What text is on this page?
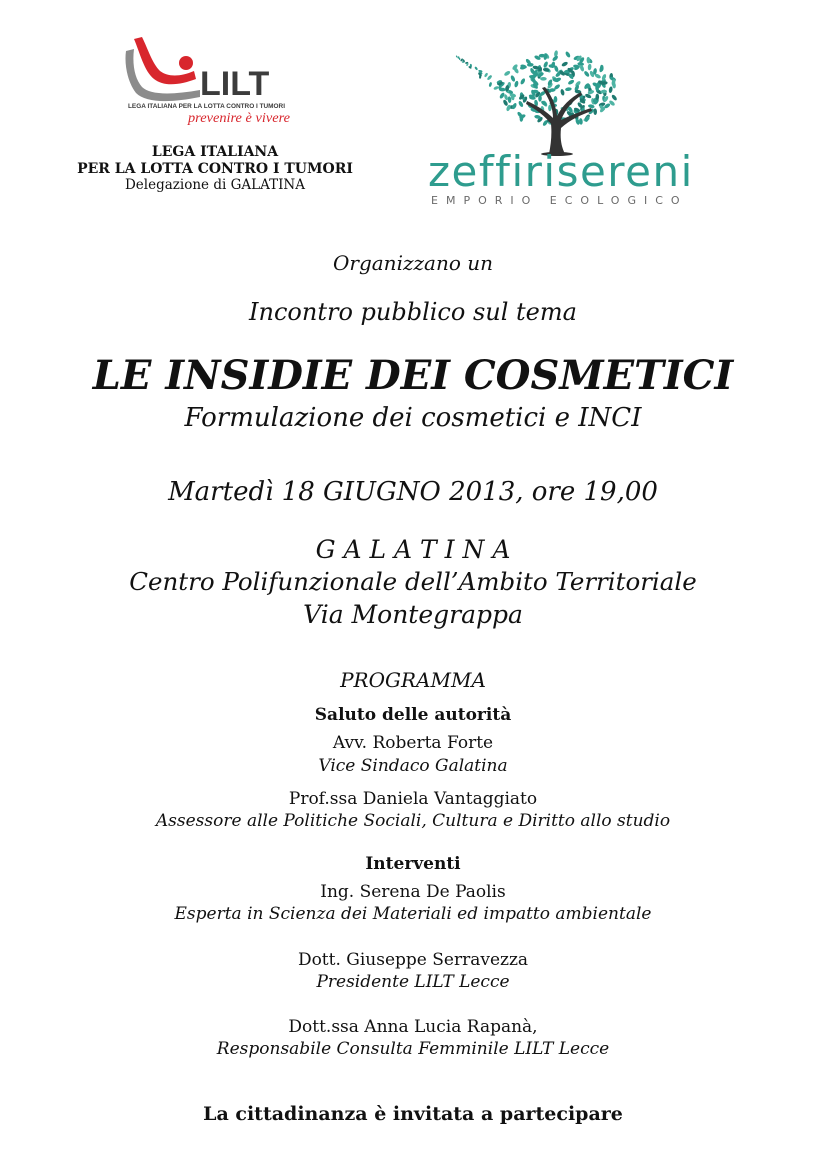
LILT
LEGA ITALIANA PER LA LOTTA CONTRO I TUMORI
prevenire è vivere
LEGA ITALIANA
PER LA LOTTA CONTRO I TUMORI
Delegazione di GALATINA	zeffirisereni
EMPORIO ECOLOGICO
Organizzano un
Incontro pubblico sul tema
LE INSIDIE DEI COSMETICI
Formulazione dei cosmetici e INCI
Martedì 18 GIUGNO 2013, ore 19,00
G A L A T I N A
Centro Polifunzionale dell’Ambito Territoriale
Via Montegrappa
PROGRAMMA
Saluto delle autorità
Avv. Roberta Forte
Vice Sindaco Galatina
Prof.ssa Daniela Vantaggiato
Assessore alle Politiche Sociali, Cultura e Diritto allo studio
Interventi
Ing. Serena De Paolis
Esperta in Scienza dei Materiali ed impatto ambientale
Dott. Giuseppe Serravezza
Presidente LILT Lecce
Dott.ssa Anna Lucia Rapanà,
Responsabile Consulta Femminile LILT Lecce
La cittadinanza è invitata a partecipare
